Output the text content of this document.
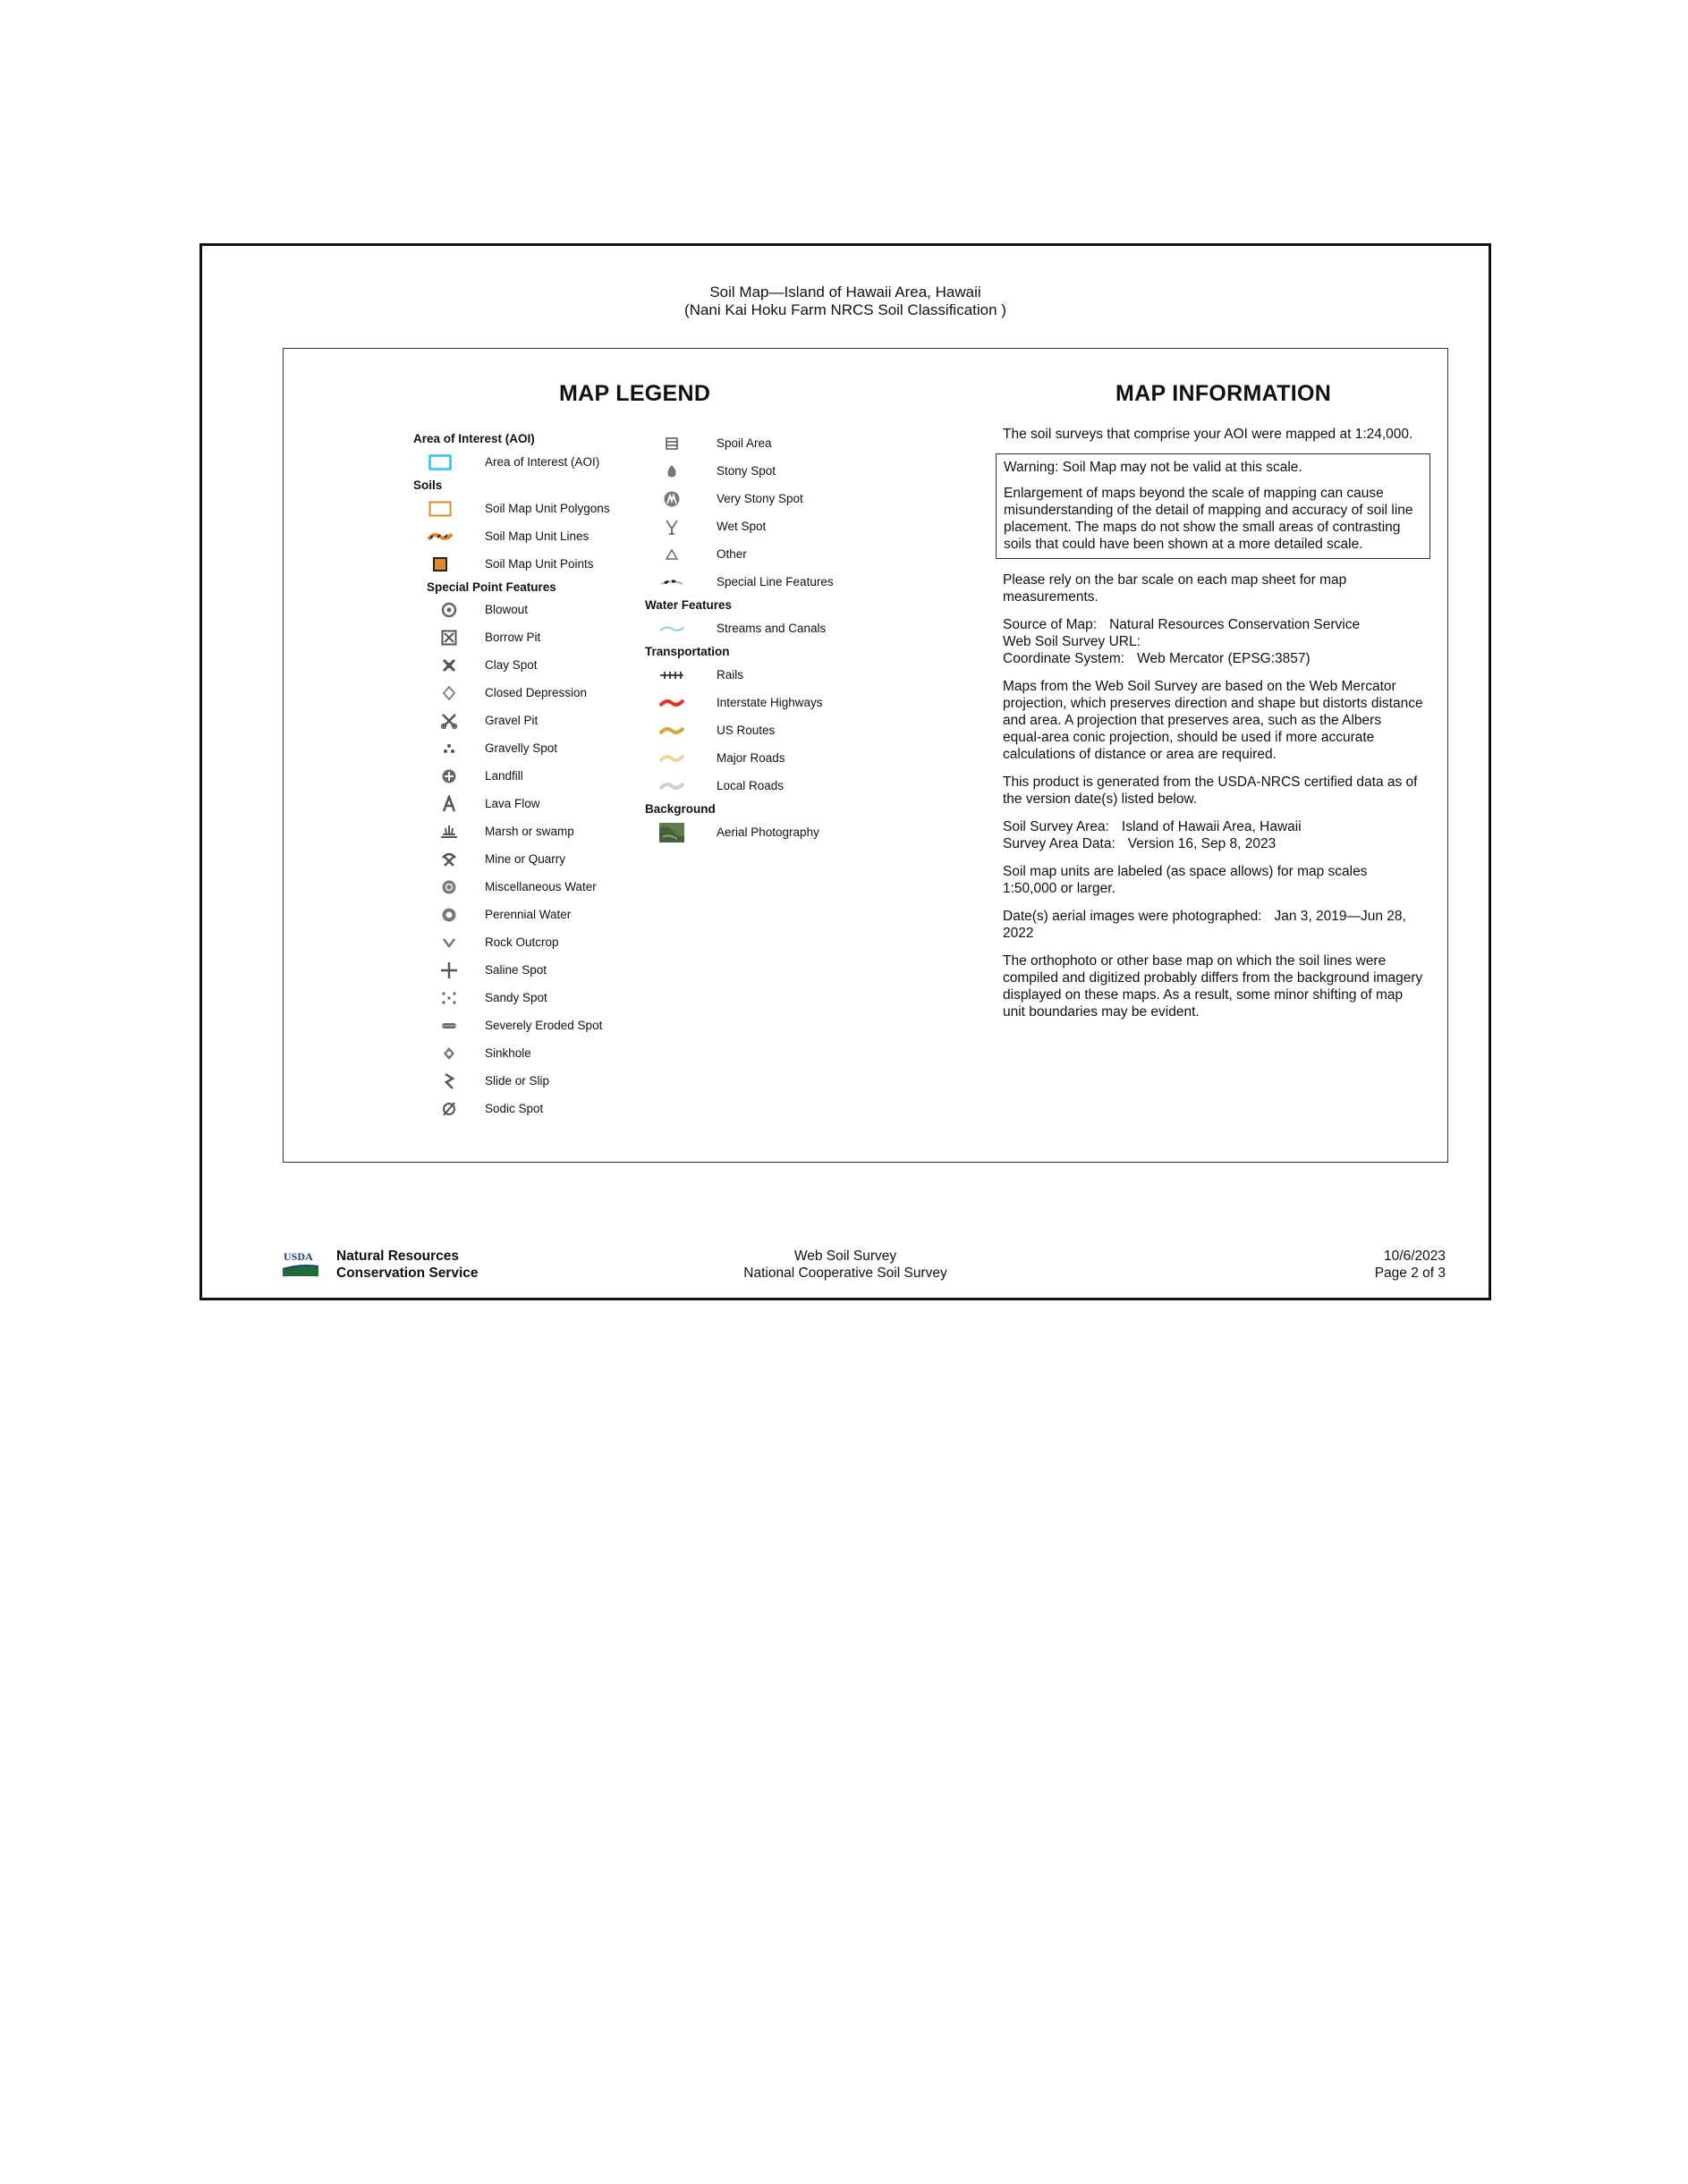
Soil Map—Island of Hawaii Area, Hawaii
(Nani Kai Hoku Farm NRCS Soil Classification )
MAP LEGEND	MAP INFORMATION
Area of Interest (AOI)
Area of Interest (AOI)
Soils
Soil Map Unit Polygons
Soil Map Unit Lines
Soil Map Unit Points
Special Point Features
Blowout
Borrow Pit
Clay Spot
Closed Depression
Gravel Pit
Gravelly Spot
Landfill
Lava Flow
Marsh or swamp
Mine or Quarry
Miscellaneous Water
Perennial Water
Rock Outcrop
Saline Spot
Sandy Spot
Severely Eroded Spot
Sinkhole
Slide or Slip
Sodic Spot
Spoil Area
Stony Spot
Very Stony Spot
Wet Spot
Other
Special Line Features
Water Features
Streams and Canals
Transportation
Rails
Interstate Highways
US Routes
Major Roads
Local Roads
Background
Aerial Photography

The soil surveys that comprise your AOI were mapped at 1:24,000.

Warning: Soil Map may not be valid at this scale.

Enlargement of maps beyond the scale of mapping can cause misunderstanding of the detail of mapping and accuracy of soil line placement. The maps do not show the small areas of contrasting soils that could have been shown at a more detailed scale.

Please rely on the bar scale on each map sheet for map measurements.

Source of Map: Natural Resources Conservation Service
Web Soil Survey URL:
Coordinate System: Web Mercator (EPSG:3857)

Maps from the Web Soil Survey are based on the Web Mercator projection, which preserves direction and shape but distorts distance and area. A projection that preserves area, such as the Albers equal-area conic projection, should be used if more accurate calculations of distance or area are required.

This product is generated from the USDA-NRCS certified data as of the version date(s) listed below.

Soil Survey Area: Island of Hawaii Area, Hawaii
Survey Area Data: Version 16, Sep 8, 2023

Soil map units are labeled (as space allows) for map scales 1:50,000 or larger.

Date(s) aerial images were photographed: Jan 3, 2019—Jun 28, 2022

The orthophoto or other base map on which the soil lines were compiled and digitized probably differs from the background imagery displayed on these maps. As a result, some minor shifting of map unit boundaries may be evident.

USDA Natural Resources
Conservation Service
Web Soil Survey
National Cooperative Soil Survey
10/6/2023
Page 2 of 3
